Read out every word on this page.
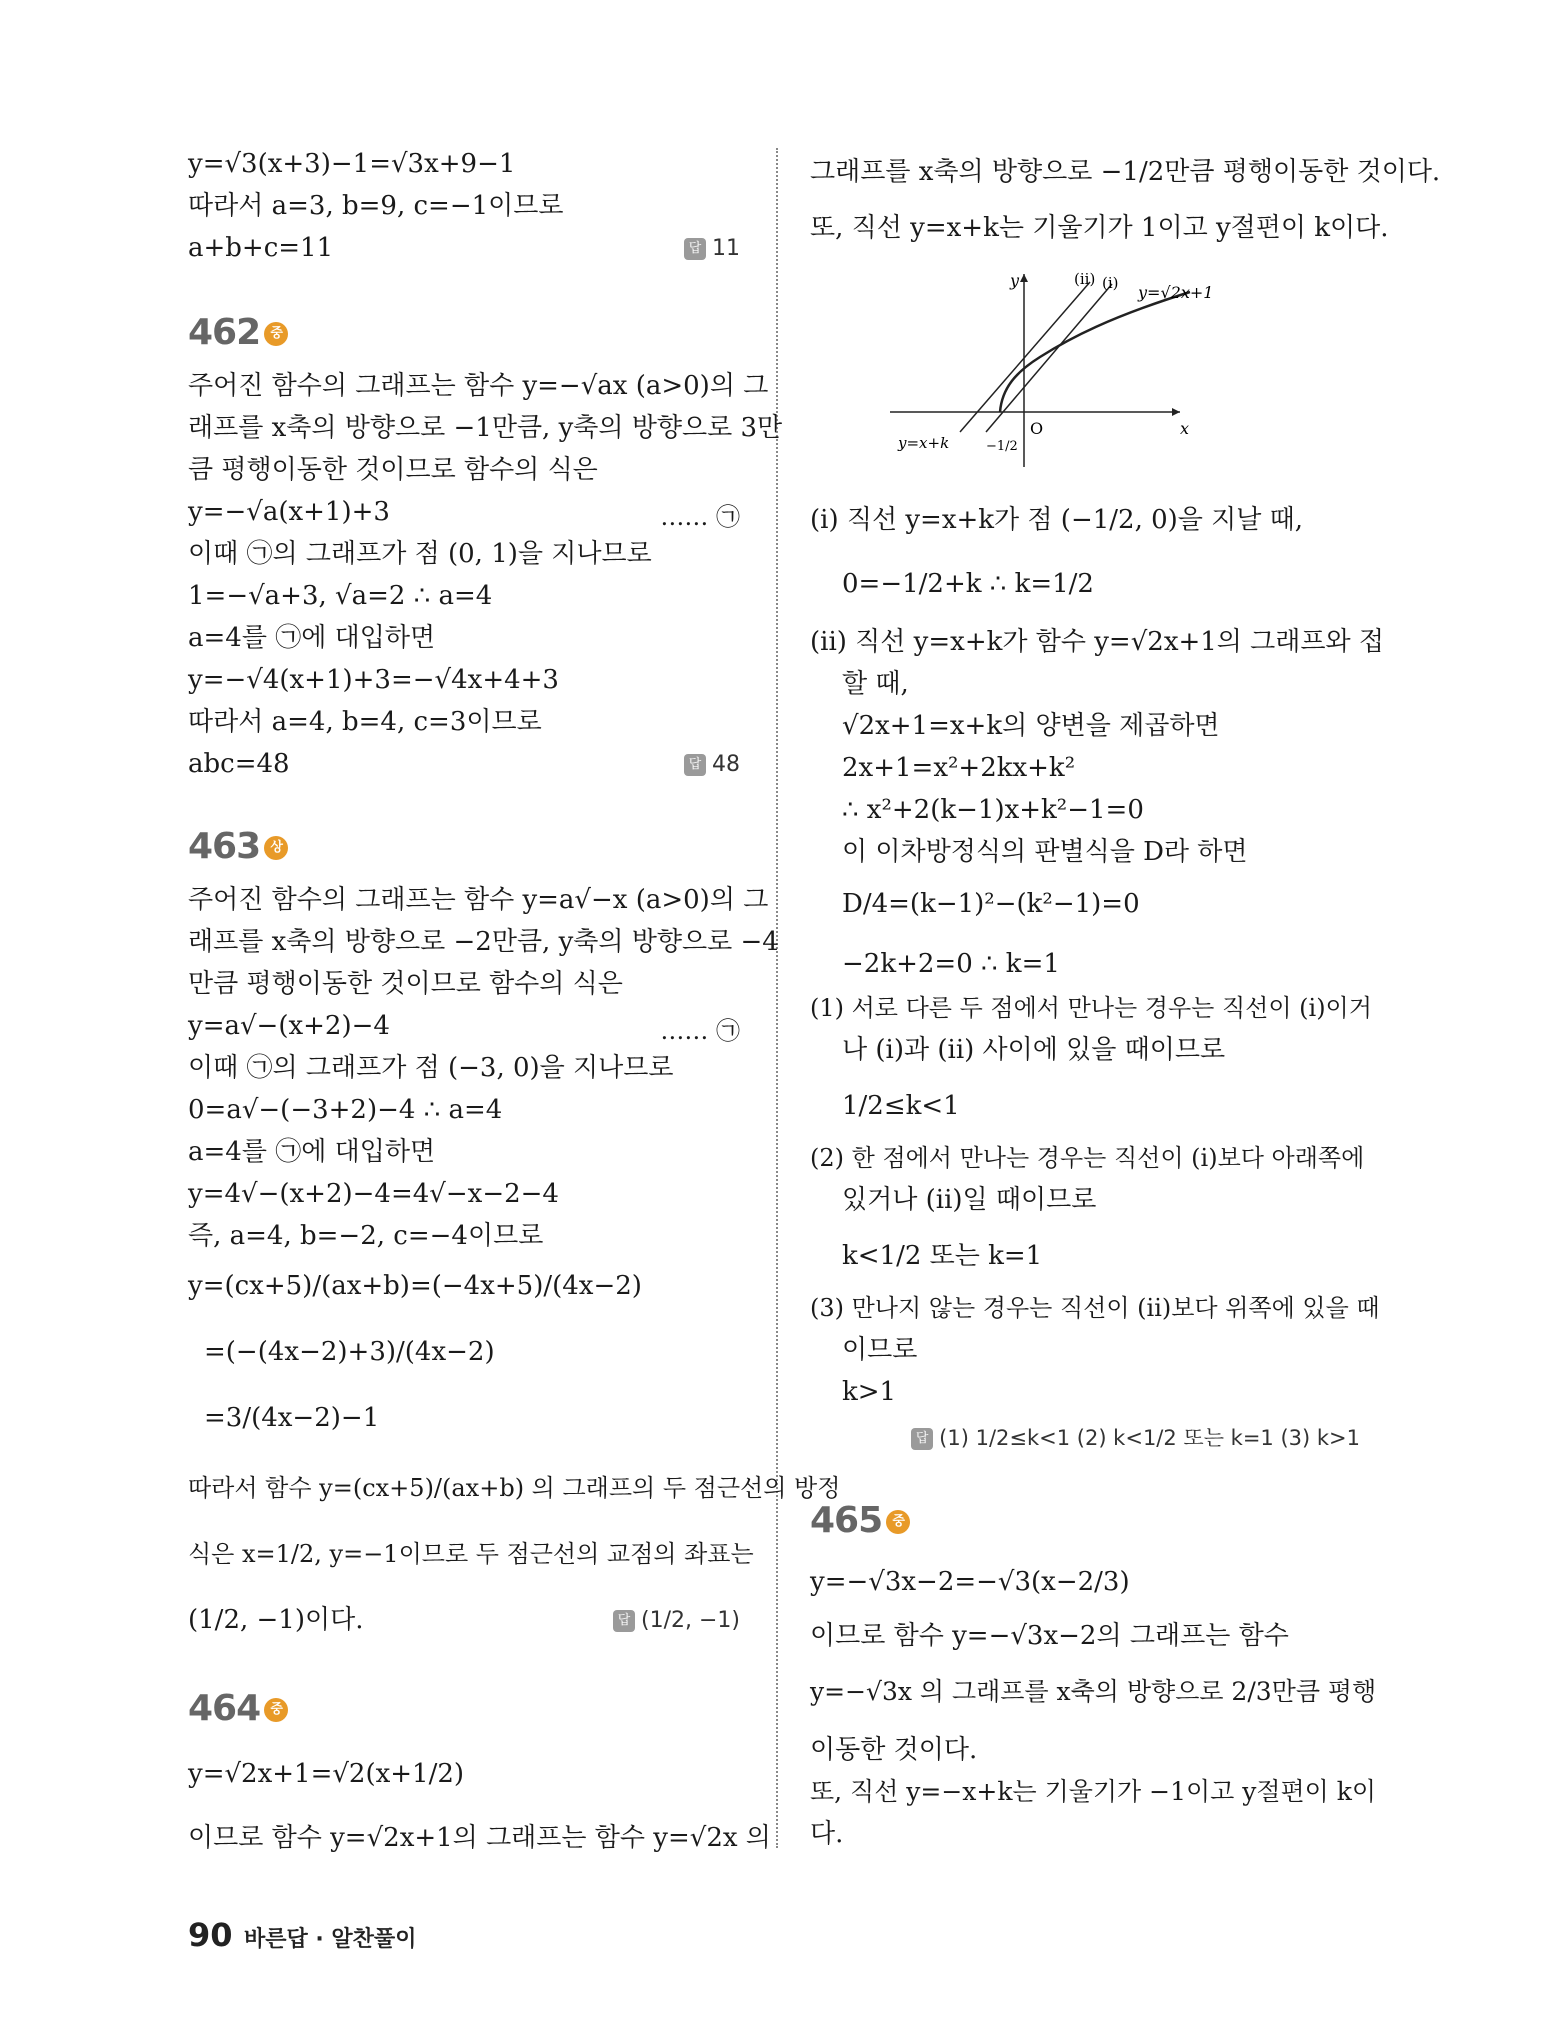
y=√3(x+3)−1=√3x+9−1
따라서 a=3, b=9, c=−1이므로
a+b+c=11	답 11
462 중
주어진 함수의 그래프는 함수 y=−√ax (a>0)의 그
래프를 x축의 방향으로 −1만큼, y축의 방향으로 3만
큼 평행이동한 것이므로 함수의 식은
y=−√a(x+1)+3	…… ㉠
이때 ㉠의 그래프가 점 (0, 1)을 지나므로
1=−√a+3, √a=2 ∴ a=4
a=4를 ㉠에 대입하면
y=−√4(x+1)+3=−√4x+4+3
따라서 a=4, b=4, c=3이므로
abc=48	답 48
463 상
주어진 함수의 그래프는 함수 y=a√−x (a>0)의 그
래프를 x축의 방향으로 −2만큼, y축의 방향으로 −4
만큼 평행이동한 것이므로 함수의 식은
y=a√−(x+2)−4	…… ㉠
이때 ㉠의 그래프가 점 (−3, 0)을 지나므로
0=a√−(−3+2)−4 ∴ a=4
a=4를 ㉠에 대입하면
y=4√−(x+2)−4=4√−x−2−4
즉, a=4, b=−2, c=−4이므로
y=(cx+5)/(ax+b)=(−4x+5)/(4x−2)
=(−(4x−2)+3)/(4x−2)
=3/(4x−2)−1
따라서 함수 y=(cx+5)/(ax+b) 의 그래프의 두 점근선의 방정
식은 x=1/2, y=−1이므로 두 점근선의 교점의 좌표는
(1/2, −1)이다.	답 (1/2, −1)
464 중
y=√2x+1=√2(x+1/2)
이므로 함수 y=√2x+1의 그래프는 함수 y=√2x 의
그래프를 x축의 방향으로 −1/2만큼 평행이동한 것이다.
또, 직선 y=x+k는 기울기가 1이고 y절편이 k이다.
y
x
O
y=√2x+1
y=x+k
(ii) (i)
−1/2
(i) 직선 y=x+k가 점 (−1/2, 0)을 지날 때,
0=−1/2+k ∴ k=1/2
(ii) 직선 y=x+k가 함수 y=√2x+1의 그래프와 접
할 때,
√2x+1=x+k의 양변을 제곱하면
2x+1=x²+2kx+k²
∴ x²+2(k−1)x+k²−1=0
이 이차방정식의 판별식을 D라 하면
D/4=(k−1)²−(k²−1)=0
−2k+2=0 ∴ k=1
(1) 서로 다른 두 점에서 만나는 경우는 직선이 (i)이거
나 (i)과 (ii) 사이에 있을 때이므로
1/2≤k<1
(2) 한 점에서 만나는 경우는 직선이 (i)보다 아래쪽에
있거나 (ii)일 때이므로
k<1/2 또는 k=1
(3) 만나지 않는 경우는 직선이 (ii)보다 위쪽에 있을 때
이므로
k>1
답 (1) 1/2≤k<1 (2) k<1/2 또는 k=1 (3) k>1
465 중
y=−√3x−2=−√3(x−2/3)
이므로 함수 y=−√3x−2의 그래프는 함수
y=−√3x 의 그래프를 x축의 방향으로 2/3만큼 평행
이동한 것이다.
또, 직선 y=−x+k는 기울기가 −1이고 y절편이 k이
다.
90 바른답 · 알찬풀이
